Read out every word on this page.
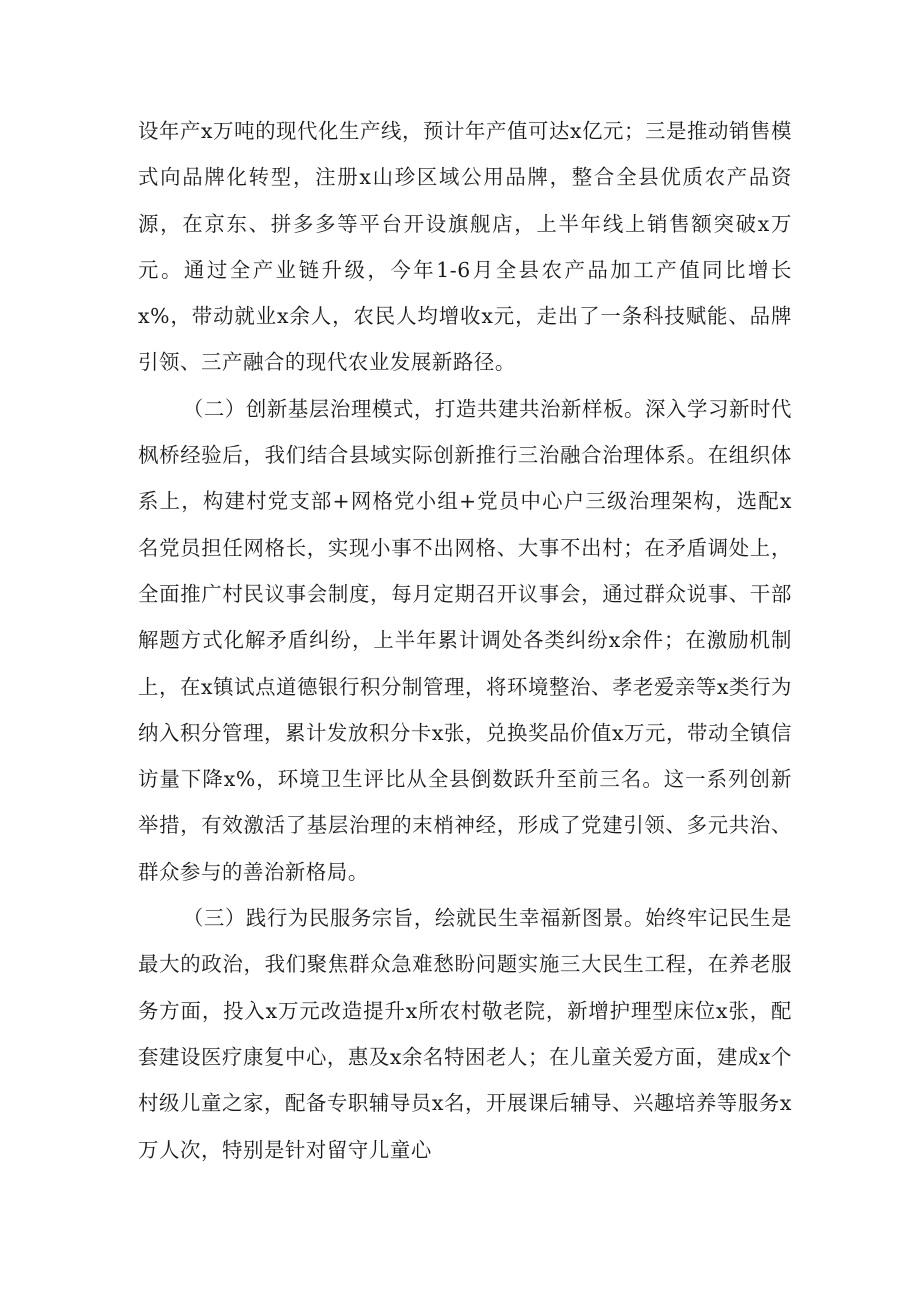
设年产x万吨的现代化生产线，预计年产值可达x亿元；三是推动销售模式向品牌化转型，注册x山珍区域公用品牌，整合全县优质农产品资源，在京东、拼多多等平台开设旗舰店，上半年线上销售额突破x万元。通过全产业链升级，今年1-6月全县农产品加工产值同比增长x%，带动就业x余人，农民人均增收x元，走出了一条科技赋能、品牌引领、三产融合的现代农业发展新路径。

（二）创新基层治理模式，打造共建共治新样板。深入学习新时代枫桥经验后，我们结合县域实际创新推行三治融合治理体系。在组织体系上，构建村党支部+网格党小组+党员中心户三级治理架构，选配x名党员担任网格长，实现小事不出网格、大事不出村；在矛盾调处上，全面推广村民议事会制度，每月定期召开议事会，通过群众说事、干部解题方式化解矛盾纠纷，上半年累计调处各类纠纷x余件；在激励机制上，在x镇试点道德银行积分制管理，将环境整治、孝老爱亲等x类行为纳入积分管理，累计发放积分卡x张，兑换奖品价值x万元，带动全镇信访量下降x%，环境卫生评比从全县倒数跃升至前三名。这一系列创新举措，有效激活了基层治理的末梢神经，形成了党建引领、多元共治、群众参与的善治新格局。

（三）践行为民服务宗旨，绘就民生幸福新图景。始终牢记民生是最大的政治，我们聚焦群众急难愁盼问题实施三大民生工程，在养老服务方面，投入x万元改造提升x所农村敬老院，新增护理型床位x张，配套建设医疗康复中心，惠及x余名特困老人；在儿童关爱方面，建成x个村级儿童之家，配备专职辅导员x名，开展课后辅导、兴趣培养等服务x万人次，特别是针对留守儿童心
